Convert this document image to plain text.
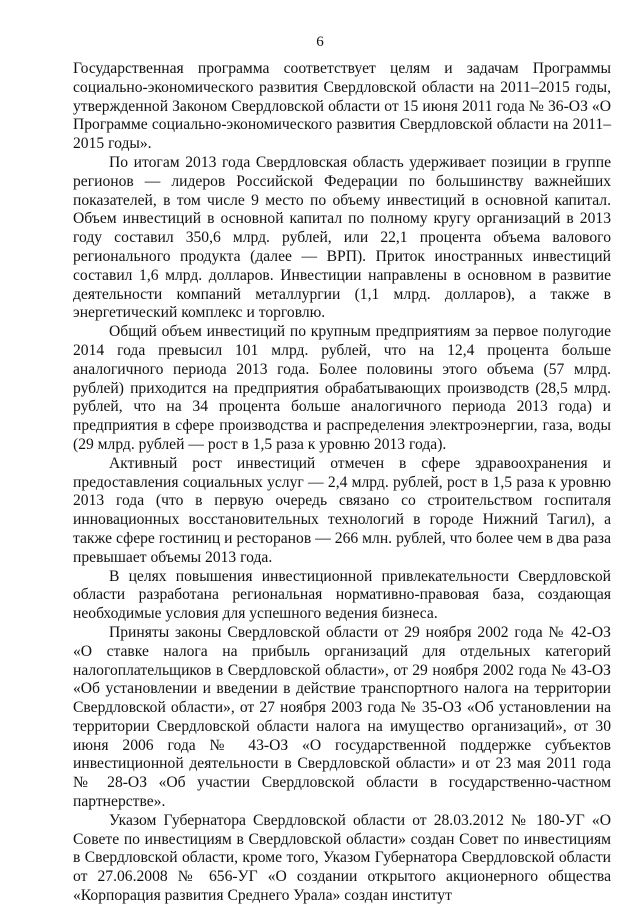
6

Государственная программа соответствует целям и задачам Программы социально-экономического развития Свердловской области на 2011–2015 годы, утвержденной Законом Свердловской области от 15 июня 2011 года № 36-ОЗ «О Программе социально-экономического развития Свердловской области на 2011–2015 годы».

По итогам 2013 года Свердловская область удерживает позиции в группе регионов — лидеров Российской Федерации по большинству важнейших показателей, в том числе 9 место по объему инвестиций в основной капитал. Объем инвестиций в основной капитал по полному кругу организаций в 2013 году составил 350,6 млрд. рублей, или 22,1 процента объема валового регионального продукта (далее — ВРП). Приток иностранных инвестиций составил 1,6 млрд. долларов. Инвестиции направлены в основном в развитие деятельности компаний металлургии (1,1 млрд. долларов), а также в энергетический комплекс и торговлю.

Общий объем инвестиций по крупным предприятиям за первое полугодие 2014 года превысил 101 млрд. рублей, что на 12,4 процента больше аналогичного периода 2013 года. Более половины этого объема (57 млрд. рублей) приходится на предприятия обрабатывающих производств (28,5 млрд. рублей, что на 34 процента больше аналогичного периода 2013 года) и предприятия в сфере производства и распределения электроэнергии, газа, воды (29 млрд. рублей — рост в 1,5 раза к уровню 2013 года).

Активный рост инвестиций отмечен в сфере здравоохранения и предоставления социальных услуг — 2,4 млрд. рублей, рост в 1,5 раза к уровню 2013 года (что в первую очередь связано со строительством госпиталя инновационных восстановительных технологий в городе Нижний Тагил), а также сфере гостиниц и ресторанов — 266 млн. рублей, что более чем в два раза превышает объемы 2013 года.

В целях повышения инвестиционной привлекательности Свердловской области разработана региональная нормативно-правовая база, создающая необходимые условия для успешного ведения бизнеса.

Приняты законы Свердловской области от 29 ноября 2002 года № 42-ОЗ «О ставке налога на прибыль организаций для отдельных категорий налогоплательщиков в Свердловской области», от 29 ноября 2002 года № 43-ОЗ «Об установлении и введении в действие транспортного налога на территории Свердловской области», от 27 ноября 2003 года № 35-ОЗ «Об установлении на территории Свердловской области налога на имущество организаций», от 30 июня 2006 года № 43-ОЗ «О государственной поддержке субъектов инвестиционной деятельности в Свердловской области» и от 23 мая 2011 года № 28-ОЗ «Об участии Свердловской области в государственно-частном партнерстве».

Указом Губернатора Свердловской области от 28.03.2012 № 180-УГ «О Совете по инвестициям в Свердловской области» создан Совет по инвестициям в Свердловской области, кроме того, Указом Губернатора Свердловской области от 27.06.2008 № 656-УГ «О создании открытого акционерного общества «Корпорация развития Среднего Урала» создан институт
